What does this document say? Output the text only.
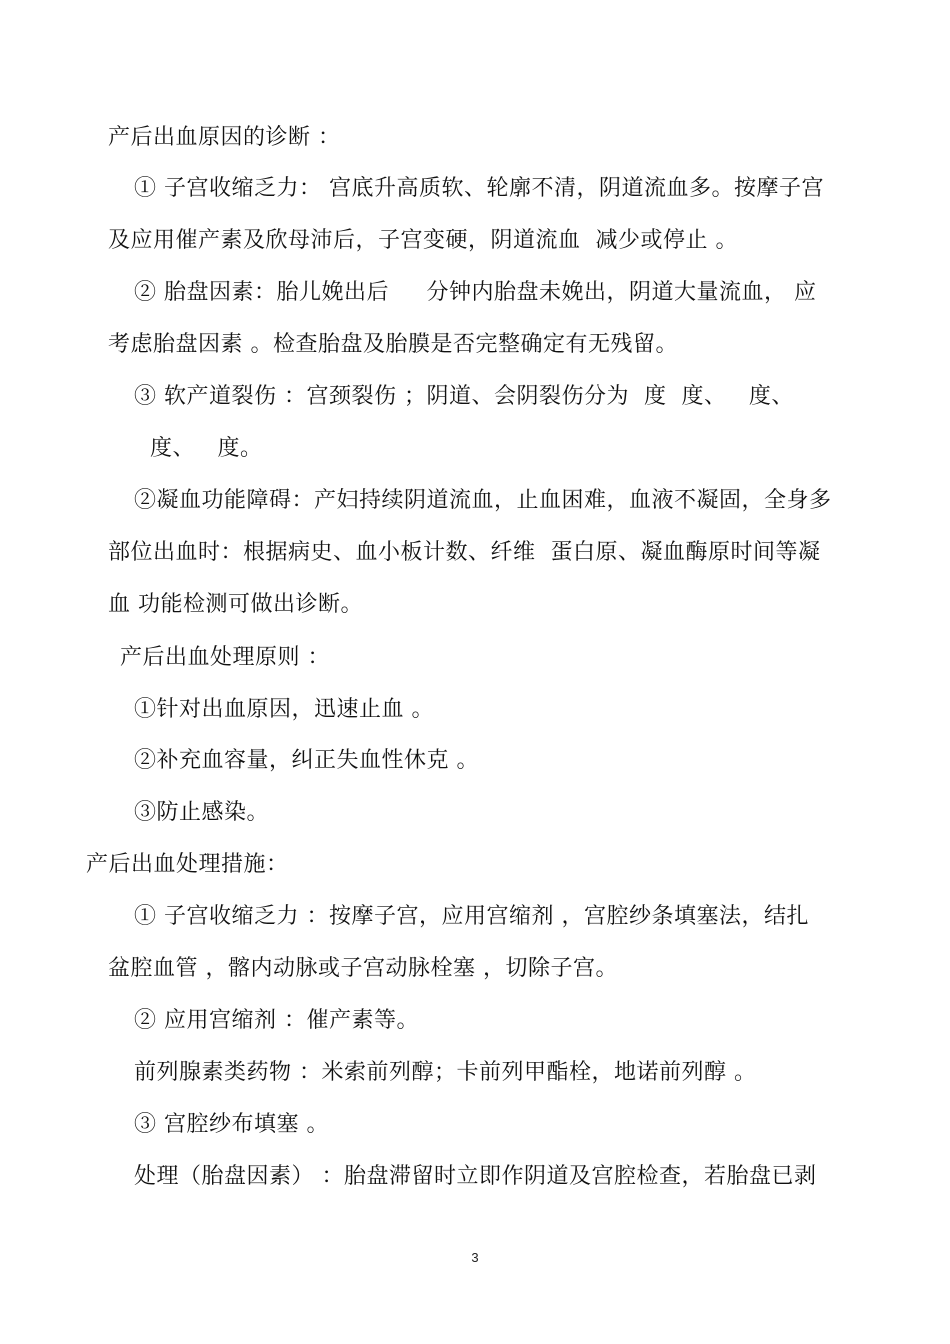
产后出血原因的诊断 ：
① 子宫收缩乏力： 宫底升高质软、轮廓不清，阴道流血多。按摩子宫
及应用催产素及欣母沛后，子宫变硬，阴道流血  减少或停止 。
② 胎盘因素：胎儿娩出后     分钟内胎盘未娩出，阴道大量流血， 应
考虑胎盘因素 。检查胎盘及胎膜是否完整确定有无残留。
③ 软产道裂伤 ：宫颈裂伤 ；阴道、会阴裂伤分为  度  度、   度、
度、   度。
②凝血功能障碍：产妇持续阴道流血，止血困难，血液不凝固，全身多
部位出血时：根据病史、血小板计数、纤维  蛋白原、凝血酶原时间等凝
血 功能检测可做出诊断。
产后出血处理原则 ：
①针对出血原因，迅速止血 。
②补充血容量，纠正失血性休克 。
③防止感染。
产后出血处理措施：
① 子宫收缩乏力 ：按摩子宫，应用宫缩剂 ，宫腔纱条填塞法，结扎
盆腔血管 ，髂内动脉或子宫动脉栓塞 ，切除子宫。
② 应用宫缩剂 ：催产素等。
前列腺素类药物 ：米索前列醇；卡前列甲酯栓，地诺前列醇 。
③ 宫腔纱布填塞 。
处理（胎盘因素） ：胎盘滞留时立即作阴道及宫腔检查，若胎盘已剥
3
